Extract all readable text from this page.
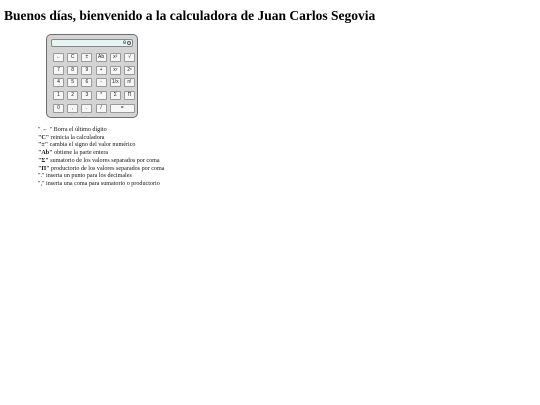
Buenos días, bienvenido a la calculadora de Juan Carlos Segovia
0
←	C	±	Ab	x²	√
7	8	9	+	xʸ	2ˣ
4	5	6	-	1/x	n!
1	2	3	*	Σ	Π
0	,	.	/	=
" ← " Borra el último dígito
"C" reinicia la calculadora
"±" cambia el signo del valor numérico
"Ab" obtiene la parte entera
"Σ" sumatorio de los valores separados por coma
"Π" productorio de los valores separados por coma
"." inserta un punto para los decimales
"," inserta una coma para sumatorio o productorio
